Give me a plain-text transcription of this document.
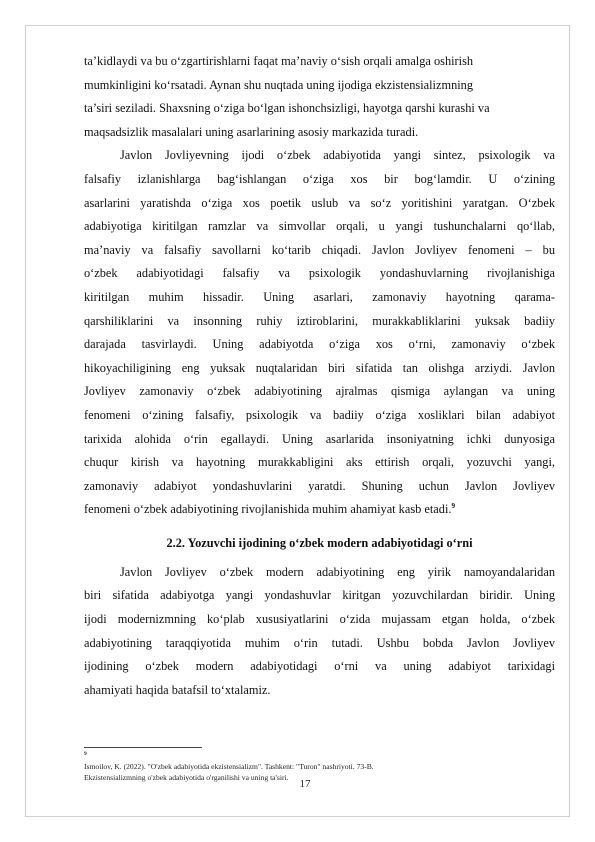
ta’kidlaydi va bu o‘zgartirishlarni faqat ma’naviy o‘sish orqali amalga oshirish
mumkinligini ko‘rsatadi. Aynan shu nuqtada uning ijodiga ekzistensializmning
ta’siri seziladi. Shaxsning o‘ziga bo‘lgan ishonchsizligi, hayotga qarshi kurashi va
maqsadsizlik masalalari uning asarlarining asosiy markazida turadi.
Javlon Jovliyevning ijodi o‘zbek adabiyotida yangi sintez, psixologik va
falsafiy izlanishlarga bag‘ishlangan o‘ziga xos bir bog‘lamdir. U o‘zining
asarlarini yaratishda o‘ziga xos poetik uslub va so‘z yoritishini yaratgan. O‘zbek
adabiyotiga kiritilgan ramzlar va simvollar orqali, u yangi tushunchalarni qo‘llab,
ma’naviy va falsafiy savollarni ko‘tarib chiqadi. Javlon Jovliyev fenomeni – bu
o‘zbek adabiyotidagi falsafiy va psixologik yondashuvlarning rivojlanishiga
kiritilgan muhim hissadir. Uning asarlari, zamonaviy hayotning qarama-
qarshiliklarini va insonning ruhiy iztiroblarini, murakkabliklarini yuksak badiiy
darajada tasvirlaydi. Uning adabiyotda o‘ziga xos o‘rni, zamonaviy o‘zbek
hikoyachiligining eng yuksak nuqtalaridan biri sifatida tan olishga arziydi. Javlon
Jovliyev zamonaviy o‘zbek adabiyotining ajralmas qismiga aylangan va uning
fenomeni o‘zining falsafiy, psixologik va badiiy o‘ziga xosliklari bilan adabiyot
tarixida alohida o‘rin egallaydi. Uning asarlarida insoniyatning ichki dunyosiga
chuqur kirish va hayotning murakkabligini aks ettirish orqali, yozuvchi yangi,
zamonaviy adabiyot yondashuvlarini yaratdi. Shuning uchun Javlon Jovliyev
fenomeni o‘zbek adabiyotining rivojlanishida muhim ahamiyat kasb etadi.$^9$
2.2. Yozuvchi ijodining o‘zbek modern adabiyotidagi o‘rni
Javlon Jovliyev o‘zbek modern adabiyotining eng yirik namoyandalaridan
biri sifatida adabiyotga yangi yondashuvlar kiritgan yozuvchilardan biridir. Uning
ijodi modernizmning ko‘plab xususiyatlarini o‘zida mujassam etgan holda, o‘zbek
adabiyotining taraqqiyotida muhim o‘rin tutadi. Ushbu bobda Javlon Jovliyev
ijodining o‘zbek modern adabiyotidagi o‘rni va uning adabiyot tarixidagi
ahamiyati haqida batafsil to‘xtalamiz.
$^9$
Ismoilov, K. (2022). "O'zbek adabiyotida ekzistensializm". Tashkent: "Turon" nashriyoti. 73-B.
Ekzistensializmning o'zbek adabiyotida o'rganilishi va uning ta'siri.
17
